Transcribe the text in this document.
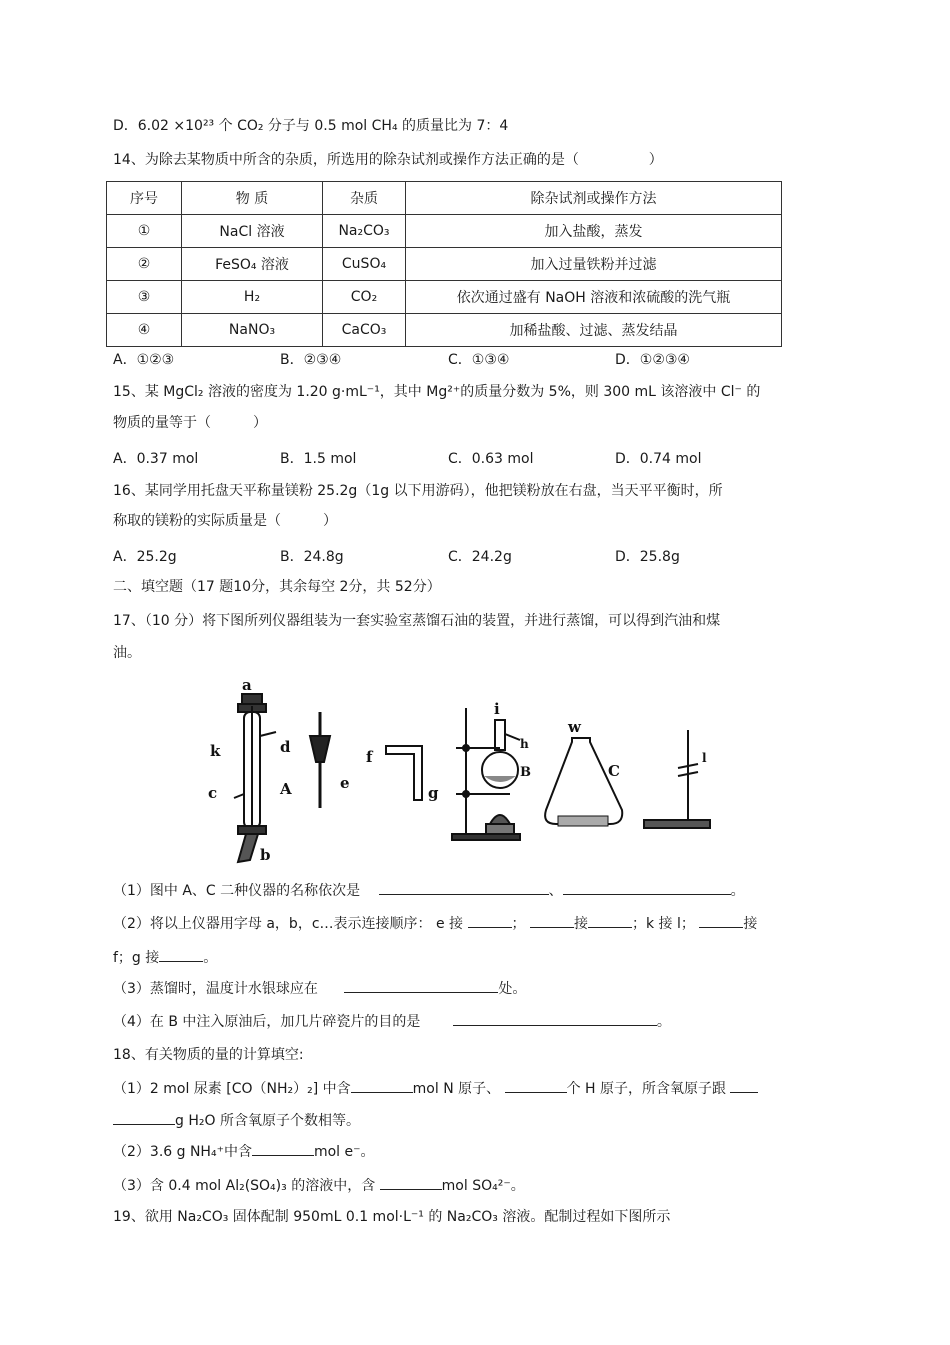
D．6.02 ×10²³ 个 CO₂ 分子与 0.5 mol CH₄ 的质量比为 7：4
14、为除去某物质中所含的杂质，所选用的除杂试剂或操作方法正确的是（　　　　　）
序号	物 质	杂质	除杂试剂或操作方法
①	NaCl 溶液	Na₂CO₃	加入盐酸，蒸发
②	FeSO₄ 溶液	CuSO₄	加入过量铁粉并过滤
③	H₂	CO₂	依次通过盛有 NaOH 溶液和浓硫酸的洗气瓶
④	NaNO₃	CaCO₃	加稀盐酸、过滤、蒸发结晶
A．①②③	B．②③④	C．①③④	D．①②③④
15、某 MgCl₂ 溶液的密度为 1.20 g·mL⁻¹，其中 Mg²⁺的质量分数为 5%，则 300 mL 该溶液中 Cl⁻ 的
物质的量等于（　　　）
A．0.37 mol	B．1.5 mol	C．0.63 mol	D．0.74 mol
16、某同学用托盘天平称量镁粉 25.2g（1g 以下用游码），他把镁粉放在右盘，当天平平衡时，所
称取的镁粉的实际质量是（　　　）
A．25.2g	B．24.8g	C．24.2g	D．25.8g
二、填空题（17 题10分，其余每空 2分，共 52分）
17、（10 分）将下图所列仪器组装为一套实验室蒸馏石油的装置，并进行蒸馏，可以得到汽油和煤
油。
a
k	d
c	A
b
e
f
g
i
h
B
w
C
l
（1）图中 A、C 二种仪器的名称依次是	、	。
（2）将以上仪器用字母 a，b，c…表示连接顺序： e 接	；	接	；k 接 l；	接
f；g 接	。
（3）蒸馏时，温度计水银球应在	处。
（4）在 B 中注入原油后，加几片碎瓷片的目的是	。
18、有关物质的量的计算填空:
（1）2 mol 尿素 [CO（NH₂）₂] 中含	mol N 原子、	个 H 原子，所含氧原子跟
g H₂O 所含氧原子个数相等。
（2）3.6 g NH₄⁺中含	mol e⁻。
（3）含 0.4 mol Al₂(SO₄)₃ 的溶液中，含	mol SO₄²⁻。
19、欲用 Na₂CO₃ 固体配制 950mL 0.1 mol·L⁻¹ 的 Na₂CO₃ 溶液。配制过程如下图所示
